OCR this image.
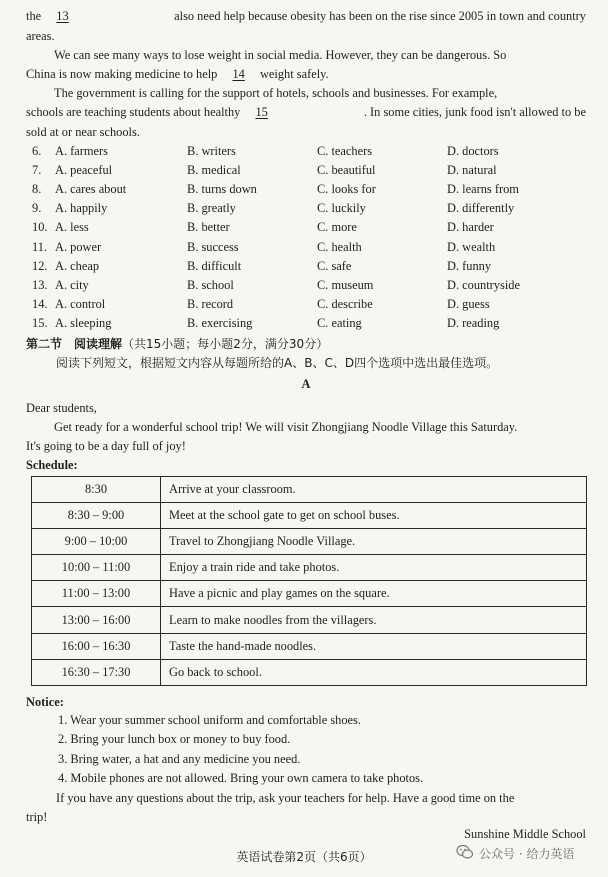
the 13	also need help because obesity has been on the rise since 2005 in town and country
areas.
We can see many ways to lose weight in social media. However, they can be dangerous. So
China is now making medicine to help 14 weight safely.
The government is calling for the support of hotels, schools and businesses. For example,
schools are teaching students about healthy 15	. In some cities, junk food isn't allowed to be
sold at or near schools.
6. A. farmers	B. writers	C. teachers	D. doctors
7. A. peaceful	B. medical	C. beautiful	D. natural
8. A. cares about	B. turns down	C. looks for	D. learns from
9. A. happily	B. greatly	C. luckily	D. differently
10. A. less	B. better	C. more	D. harder
11. A. power	B. success	C. health	D. wealth
12. A. cheap	B. difficult	C. safe	D. funny
13. A. city	B. school	C. museum	D. countryside
14. A. control	B. record	C. describe	D. guess
15. A. sleeping	B. exercising	C. eating	D. reading
第二节　阅读理解（共15小题；每小题2分，满分30分）
阅读下列短文，根据短文内容从每题所给的A、B、C、D四个选项中选出最佳选项。
A
Dear students,
Get ready for a wonderful school trip! We will visit Zhongjiang Noodle Village this Saturday.
It's going to be a day full of joy!
Schedule:
8:30	Arrive at your classroom.
8:30 – 9:00	Meet at the school gate to get on school buses.
9:00 – 10:00	Travel to Zhongjiang Noodle Village.
10:00 – 11:00	Enjoy a train ride and take photos.
11:00 – 13:00	Have a picnic and play games on the square.
13:00 – 16:00	Learn to make noodles from the villagers.
16:00 – 16:30	Taste the hand-made noodles.
16:30 – 17:30	Go back to school.
Notice:
1. Wear your summer school uniform and comfortable shoes.
2. Bring your lunch box or money to buy food.
3. Bring water, a hat and any medicine you need.
4. Mobile phones are not allowed. Bring your own camera to take photos.
If you have any questions about the trip, ask your teachers for help. Have a good time on the
trip!
Sunshine Middle School
英语试卷第2页（共6页）	公众号 · 给力英语
